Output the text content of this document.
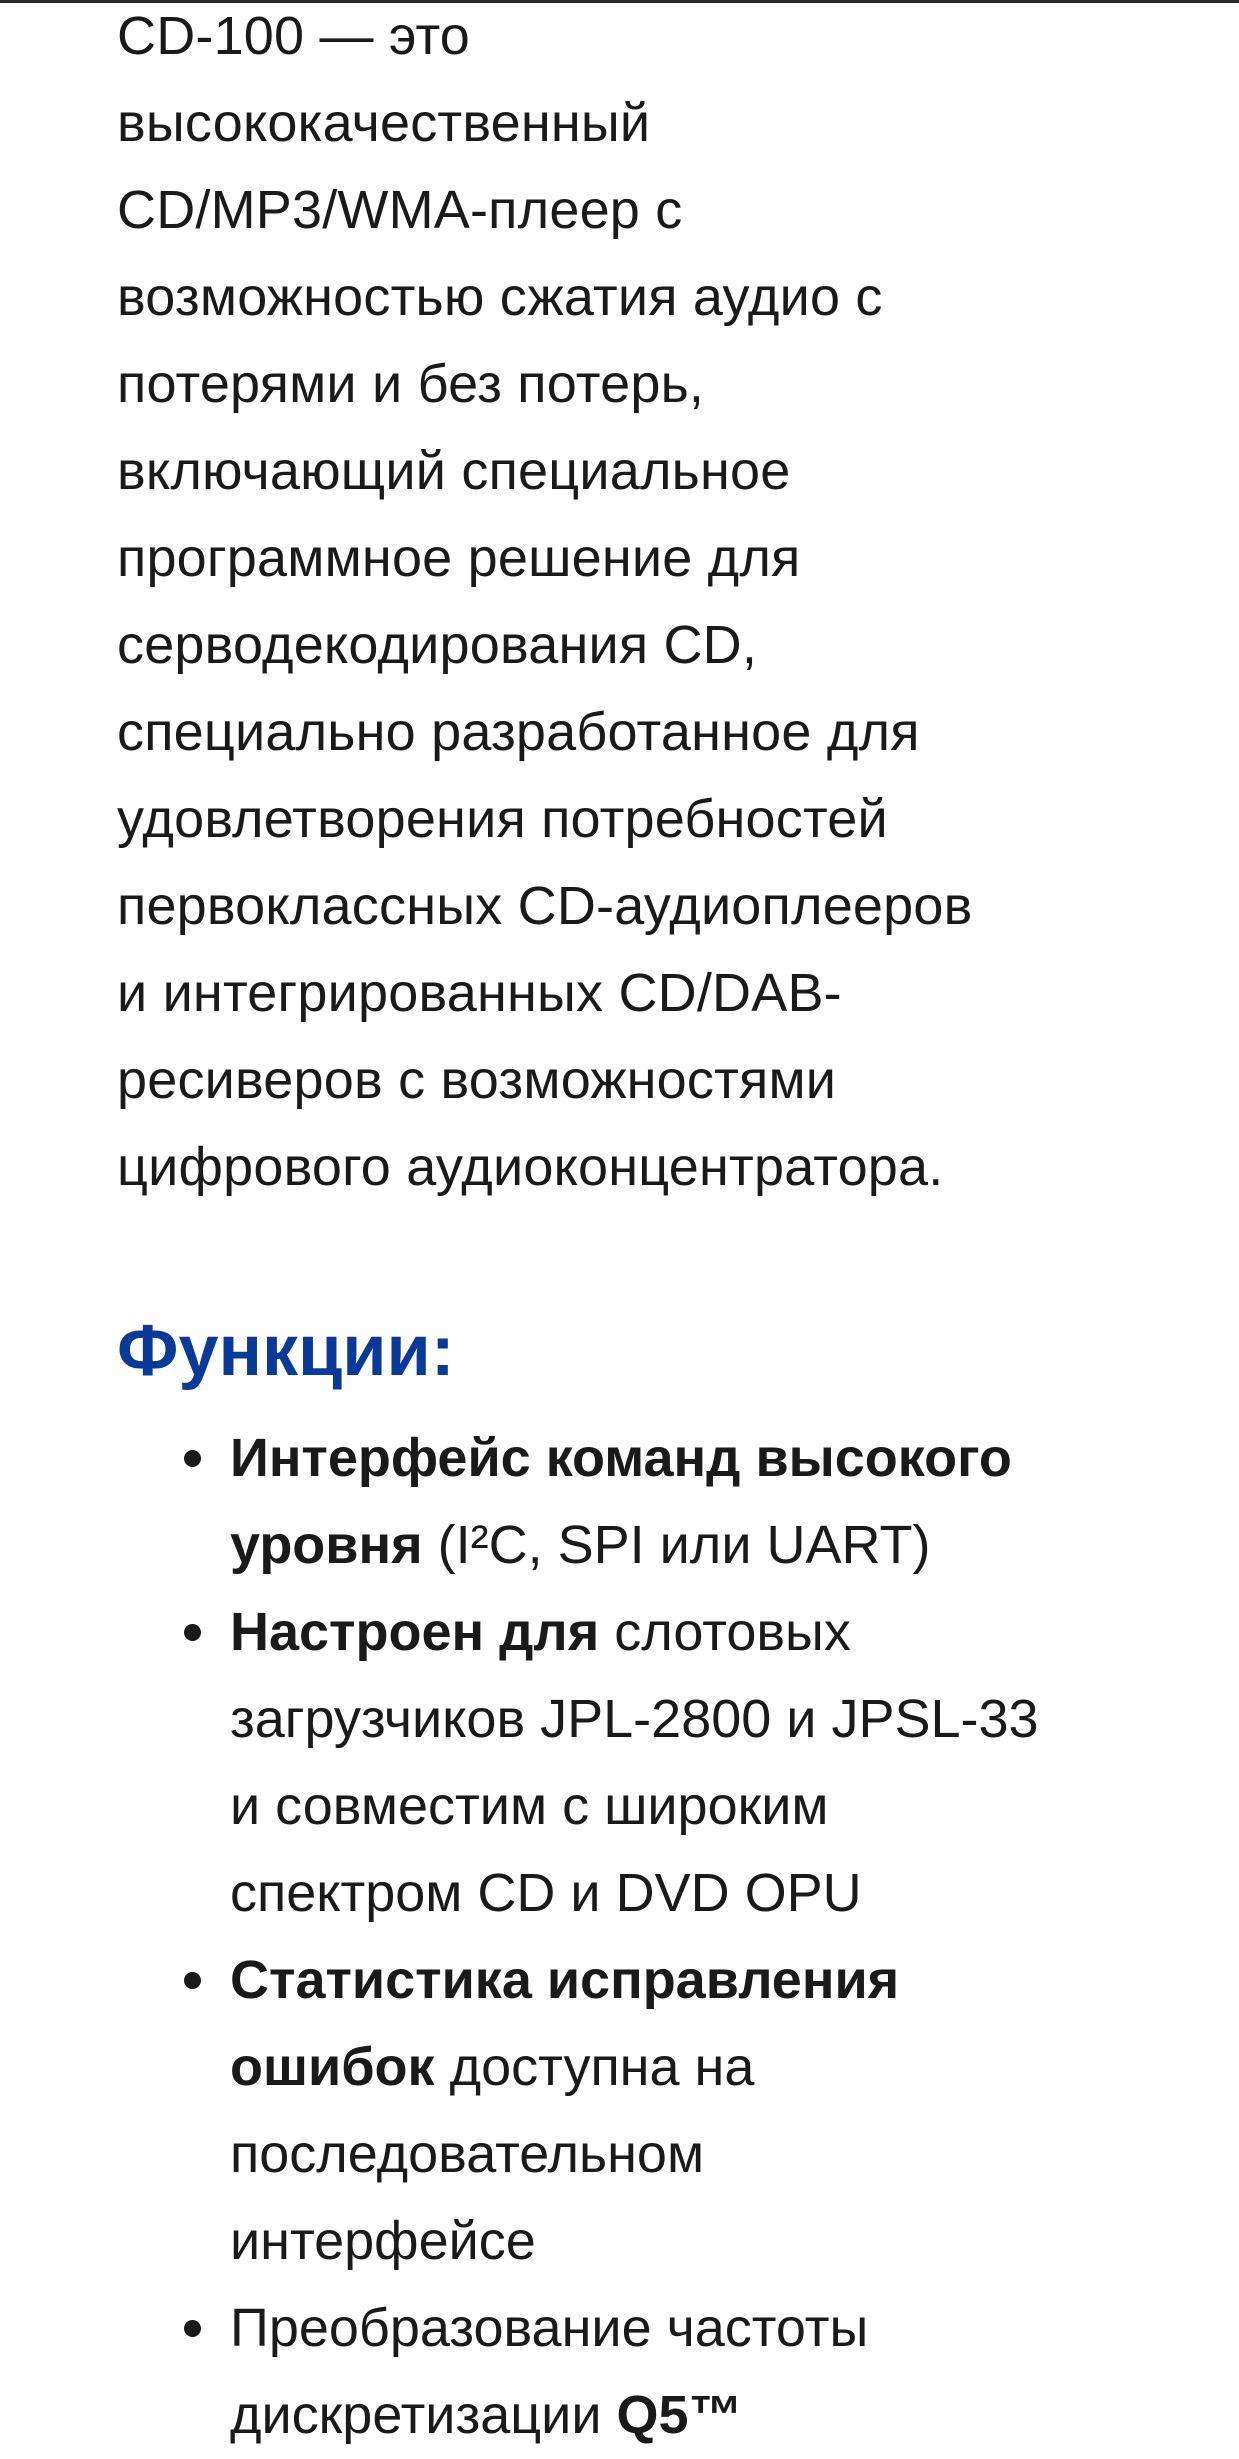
CD-100 — это
высококачественный
CD/MP3/WMA-плеер с
возможностью сжатия аудио с
потерями и без потерь,
включающий специальное
программное решение для
серводекодирования CD,
специально разработанное для
удовлетворения потребностей
первоклассных CD-аудиоплееров
и интегрированных CD/DAB-
ресиверов с возможностями
цифрового аудиоконцентратора.

Функции:
Интерфейс команд высокого
уровня (I²C, SPI или UART)
Настроен для слотовых
загрузчиков JPL-2800 и JPSL-33
и совместим с широким
спектром CD и DVD OPU
Статистика исправления
ошибок доступна на
последовательном
интерфейсе
Преобразование частоты
дискретизации Q5™
